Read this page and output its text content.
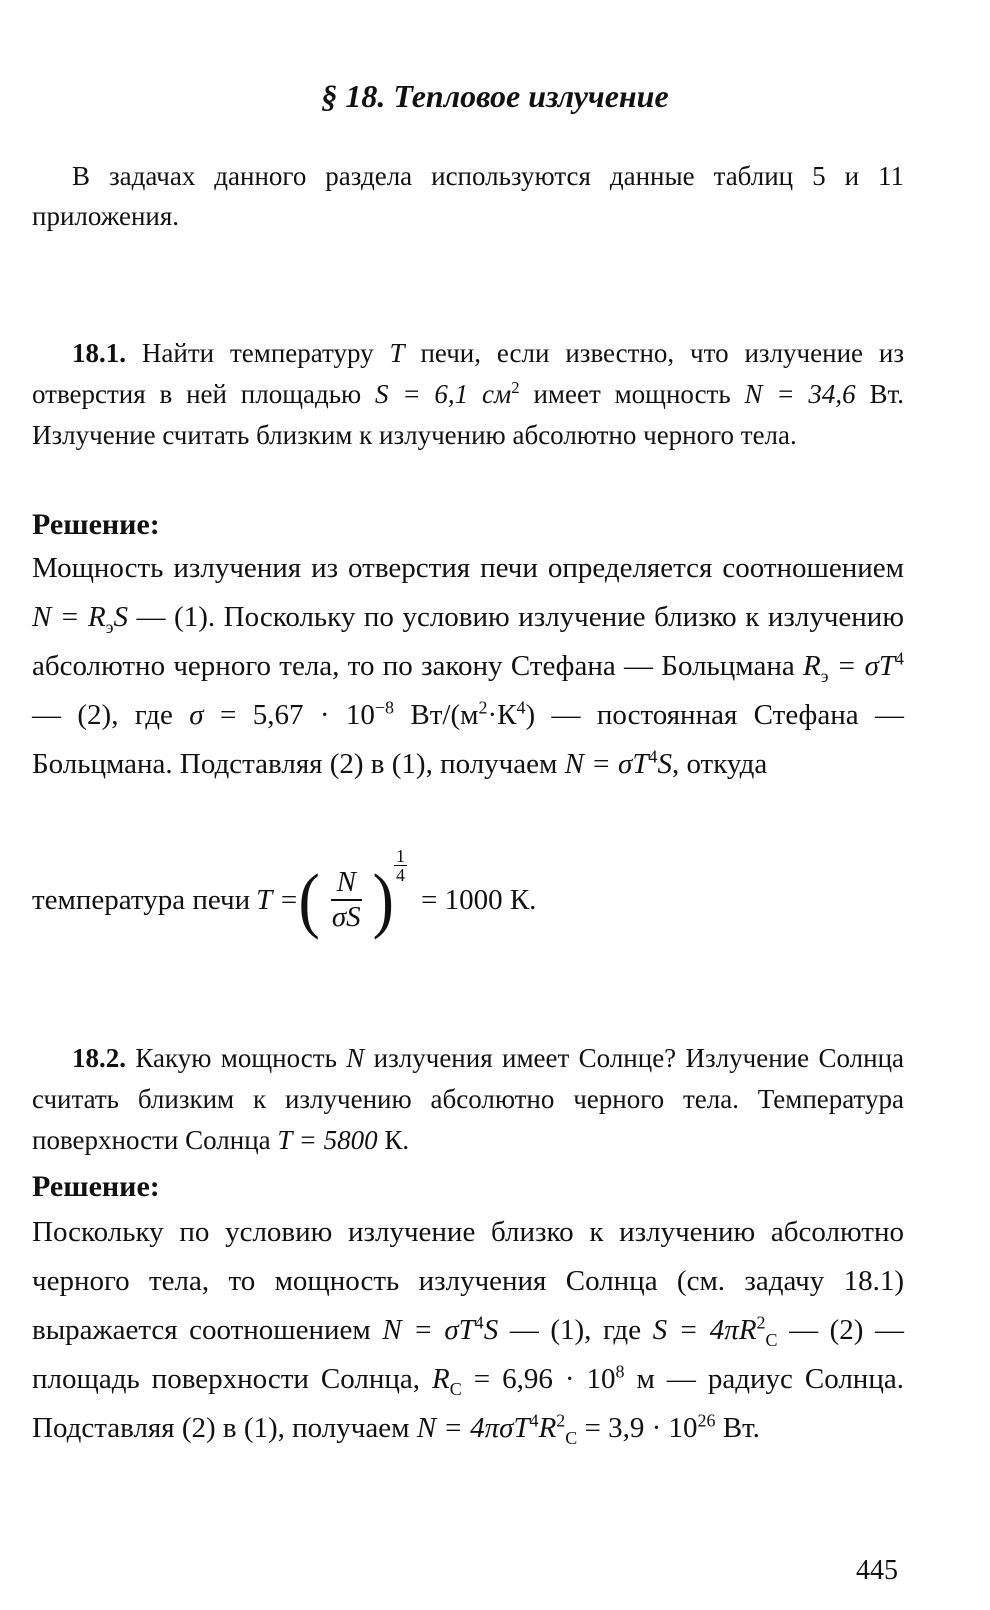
§ 18. Тепловое излучение
В задачах данного раздела используются данные таблиц 5 и 11 приложения.
18.1. Найти температуру T печи, если известно, что излучение из отверстия в ней площадью S = 6,1 $см^2$ имеет мощность N = 34,6 Вт. Излучение считать близким к излучению абсолютно черного тела.
Решение:
Мощность излучения из отверстия печи определяется соотношением $N = R_эS$ — (1). Поскольку по условию излучение близко к излучению абсолютно черного тела, то по закону Стефана — Больцмана $R_э = \sigma T^4$ — (2), где $\sigma = 5,67 \cdot 10^{-8}$ $Вт/(м^2\cdot К^4)$ — постоянная Стефана — Больцмана. Подставляя (2) в (1), получаем $N = \sigma T^4S$, откуда
температура печи T = ( $\frac{N}{\sigma S}$ ) $\frac{1}{4}$
= 1000 К.
18.2. Какую мощность N излучения имеет Солнце? Излучение Солнца считать близким к излучению абсолютно черного тела. Температура поверхности Солнца T = 5800 К.
Решение:
Поскольку по условию излучение близко к излучению абсолютно черного тела, то мощность излучения Солнца (см. задачу 18.1) выражается соотношением $N = \sigma T^4S$ — (1), где $S = 4\pi R^2_C$ — (2) — площадь поверхности Солнца, $R_C = 6,96 \cdot 10^8$ м — радиус Солнца. Подставляя (2) в (1), получаем $N = 4\pi\sigma T^4R^2_C = 3,9 \cdot 10^{26}$ Вт.
445
